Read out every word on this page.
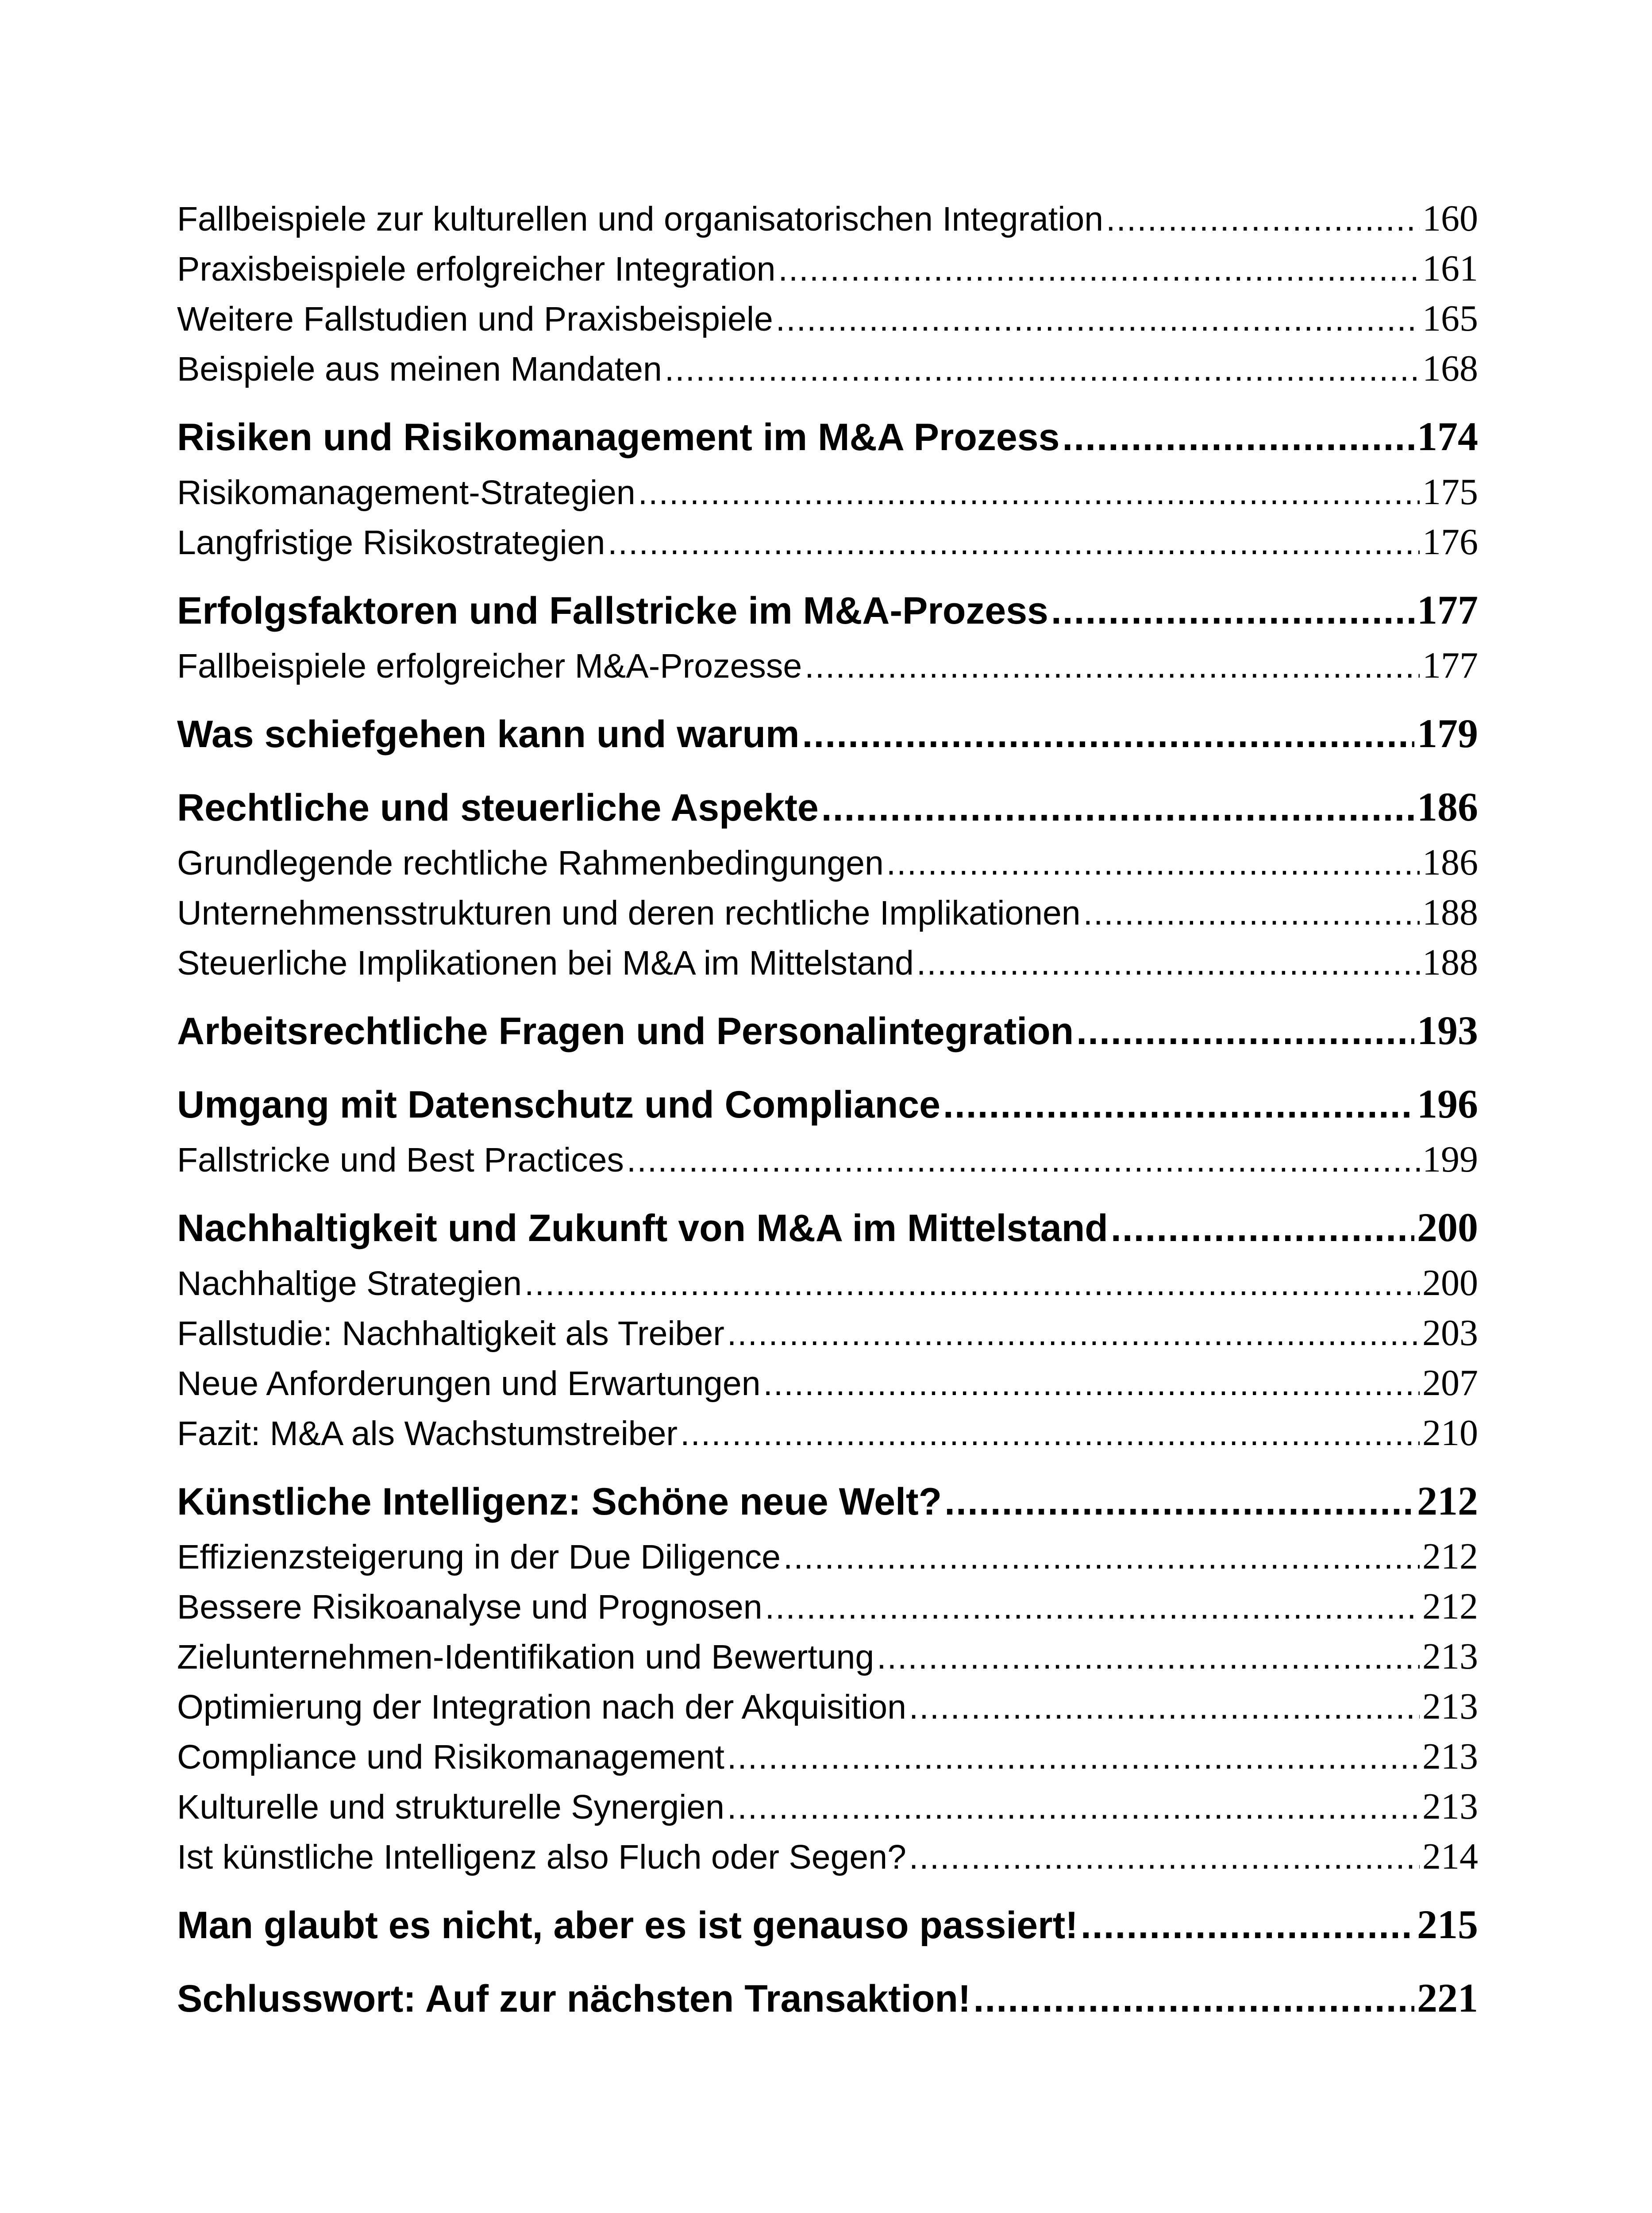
Fallbeispiele zur kulturellen und organisatorischen Integration .....	160
Praxisbeispiele erfolgreicher Integration .....	161
Weitere Fallstudien und Praxisbeispiele .....	165
Beispiele aus meinen Mandaten .....	168
Risiken und Risikomanagement im M&A Prozess .....	174
Risikomanagement-Strategien .....	175
Langfristige Risikostrategien .....	176
Erfolgsfaktoren und Fallstricke im M&A-Prozess .....	177
Fallbeispiele erfolgreicher M&A-Prozesse .....	177
Was schiefgehen kann und warum .....	179
Rechtliche und steuerliche Aspekte .....	186
Grundlegende rechtliche Rahmenbedingungen .....	186
Unternehmensstrukturen und deren rechtliche Implikationen .....	188
Steuerliche Implikationen bei M&A im Mittelstand .....	188
Arbeitsrechtliche Fragen und Personalintegration .....	193
Umgang mit Datenschutz und Compliance .....	196
Fallstricke und Best Practices .....	199
Nachhaltigkeit und Zukunft von M&A im Mittelstand .....	200
Nachhaltige Strategien .....	200
Fallstudie: Nachhaltigkeit als Treiber .....	203
Neue Anforderungen und Erwartungen .....	207
Fazit: M&A als Wachstumstreiber .....	210
Künstliche Intelligenz: Schöne neue Welt? .....	212
Effizienzsteigerung in der Due Diligence .....	212
Bessere Risikoanalyse und Prognosen .....	212
Zielunternehmen-Identifikation und Bewertung .....	213
Optimierung der Integration nach der Akquisition .....	213
Compliance und Risikomanagement .....	213
Kulturelle und strukturelle Synergien .....	213
Ist künstliche Intelligenz also Fluch oder Segen? .....	214
Man glaubt es nicht, aber es ist genauso passiert! .....	215
Schlusswort: Auf zur nächsten Transaktion! .....	221
